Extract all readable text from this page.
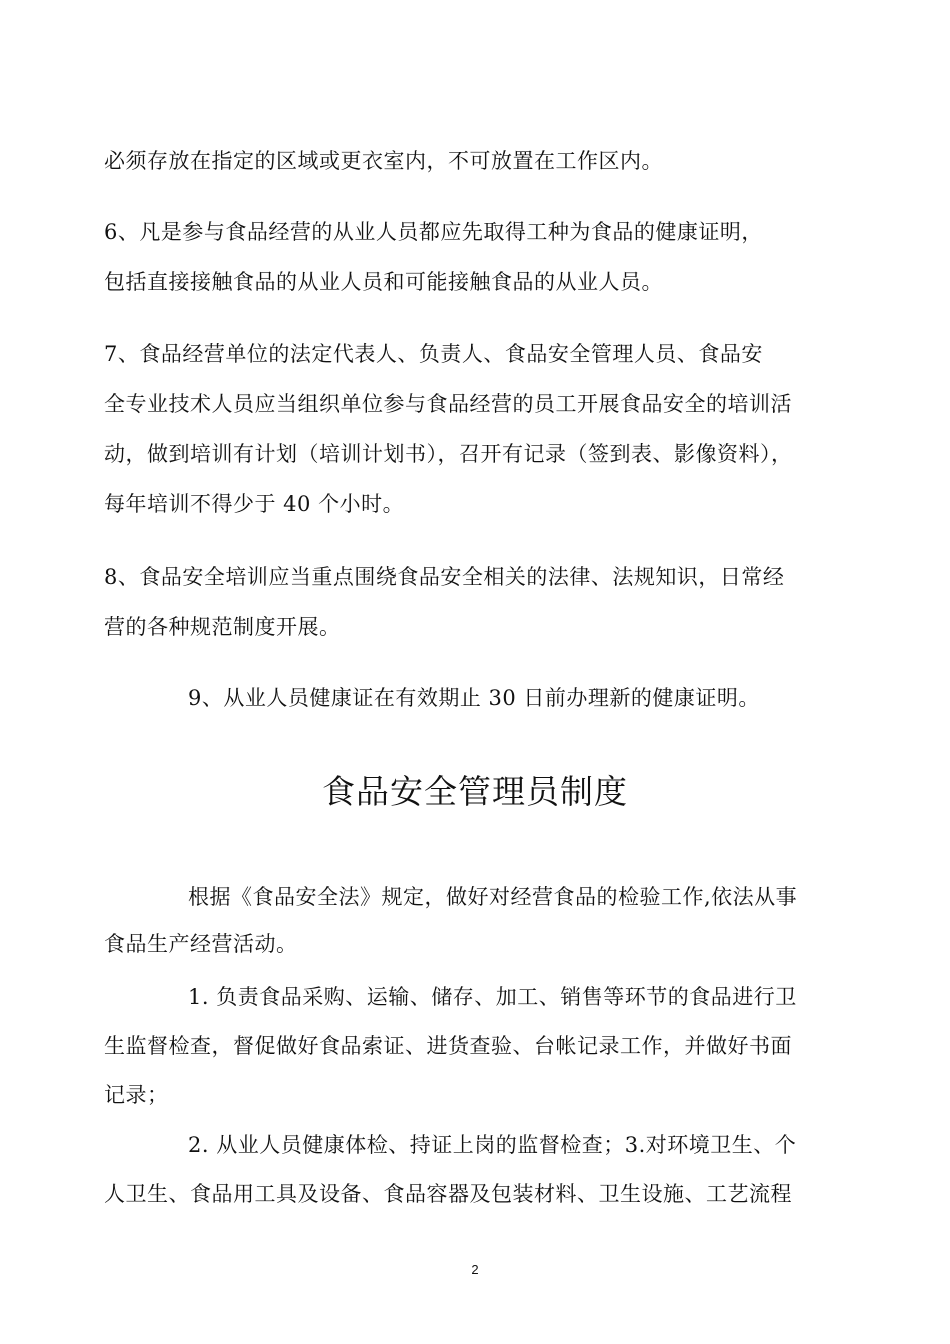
必须存放在指定的区域或更衣室内，不可放置在工作区内。
6、凡是参与食品经营的从业人员都应先取得工种为食品的健康证明，
包括直接接触食品的从业人员和可能接触食品的从业人员。
7、食品经营单位的法定代表人、负责人、食品安全管理人员、食品安
全专业技术人员应当组织单位参与食品经营的员工开展食品安全的培训活
动，做到培训有计划（培训计划书），召开有记录（签到表、影像资料），
每年培训不得少于 40 个小时。
8、食品安全培训应当重点围绕食品安全相关的法律、法规知识，日常经
营的各种规范制度开展。
9、从业人员健康证在有效期止 30 日前办理新的健康证明。
食品安全管理员制度
根据《食品安全法》规定，做好对经营食品的检验工作,依法从事
食品生产经营活动。
1. 负责食品采购、运输、储存、加工、销售等环节的食品进行卫
生监督检查，督促做好食品索证、进货查验、台帐记录工作，并做好书面
记录；
2. 从业人员健康体检、持证上岗的监督检查；3.对环境卫生、个
人卫生、食品用工具及设备、食品容器及包装材料、卫生设施、工艺流程
2
